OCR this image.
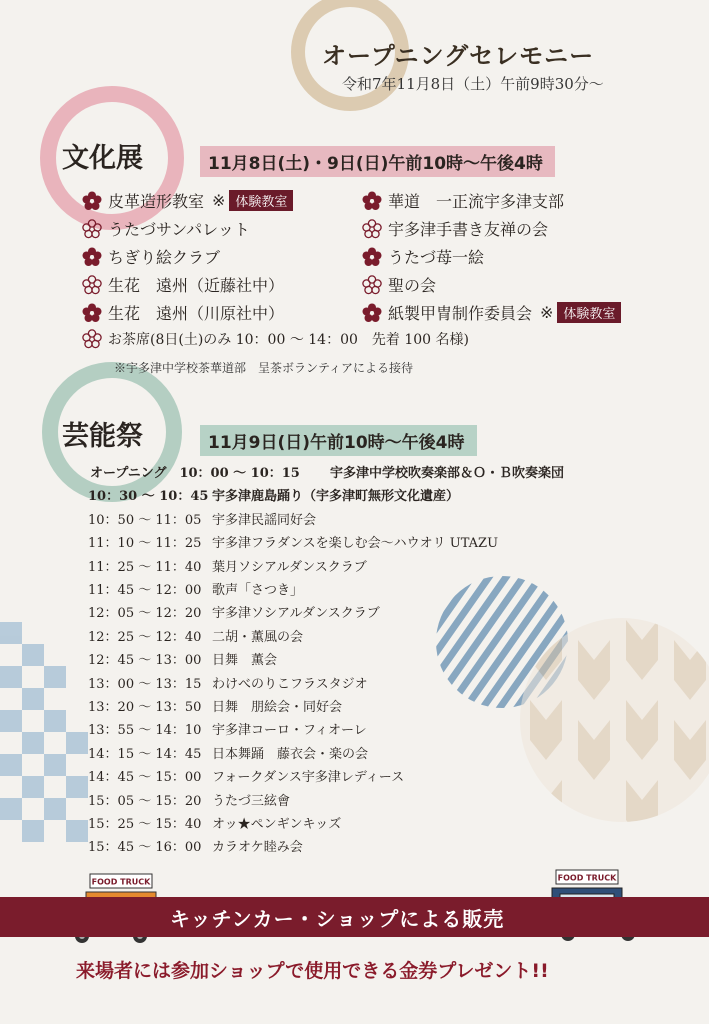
オープニングセレモニー
令和7年11月8日（土）午前9時30分～
文化展	11月8日(土)・9日(日)午前10時～午後4時
皮革造形教室 ※ 体験教室
うたづサンパレット
ちぎり絵クラブ
生花　遠州（近藤社中）
生花　遠州（川原社中）
お茶席(8日(土)のみ 10：00 ～ 14：00　先着 100 名様)
華道　一正流宇多津支部
宇多津手書き友禅の会
うたづ苺一絵
聖の会
紙製甲冑制作委員会 ※ 体験教室
※宇多津中学校茶華道部　呈茶ボランティアによる接待
芸能祭	11月9日(日)午前10時～午後4時
オープニング　10：00 ～ 10：15 宇多津中学校吹奏楽部＆Ｏ・Ｂ吹奏楽団
10：30 ～ 10：45 宇多津鹿島踊り（宇多津町無形文化遺産）
10：50 ～ 11：05 宇多津民謡同好会
11：10 ～ 11：25 宇多津フラダンスを楽しむ会～ハウオリ UTAZU
11：25 ～ 11：40 葉月ソシアルダンスクラブ
11：45 ～ 12：00 歌声「さつき」
12：05 ～ 12：20 宇多津ソシアルダンスクラブ
12：25 ～ 12：40 二胡・薫風の会
12：45 ～ 13：00 日舞　薫会
13：00 ～ 13：15 わけべのりこフラスタジオ
13：20 ～ 13：50 日舞　朋絵会・同好会
13：55 ～ 14：10 宇多津コーロ・フィオーレ
14：15 ～ 14：45 日本舞踊　藤衣会・楽の会
14：45 ～ 15：00 フォークダンス宇多津レディース
15：05 ～ 15：20 うたづ三絃會
15：25 ～ 15：40 オッ★ペンギンキッズ
15：45 ～ 16：00 カラオケ睦み会
FOOD TRUCK	FOOD TRUCK
キッチンカー・ショップによる販売
来場者には参加ショップで使用できる金券プレゼント!!
